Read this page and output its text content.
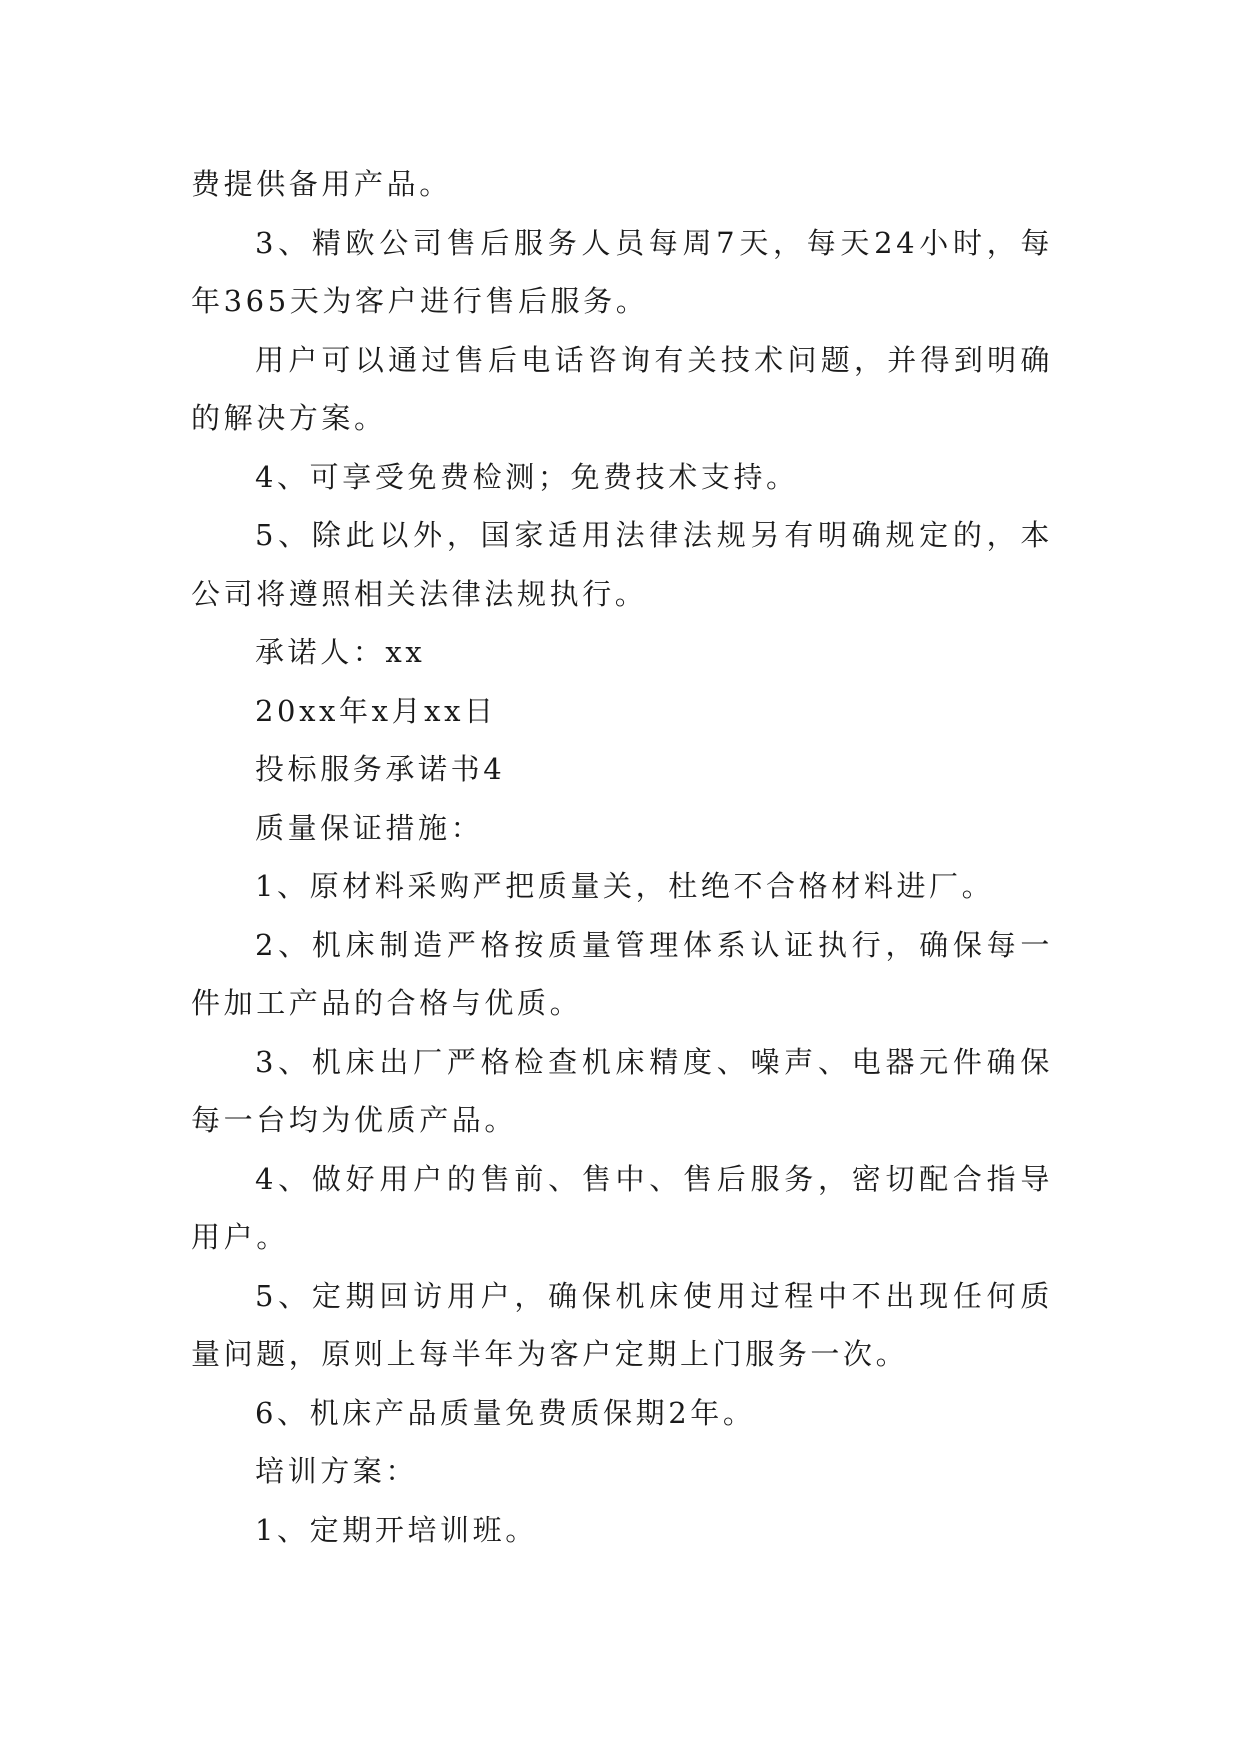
费提供备用产品。

3、精欧公司售后服务人员每周7天，每天24小时，每年365天为客户进行售后服务。

用户可以通过售后电话咨询有关技术问题，并得到明确的解决方案。

4、可享受免费检测；免费技术支持。

5、除此以外，国家适用法律法规另有明确规定的，本公司将遵照相关法律法规执行。

承诺人：xx

20xx年x月xx日

投标服务承诺书4

质量保证措施：

1、原材料采购严把质量关，杜绝不合格材料进厂。

2、机床制造严格按质量管理体系认证执行，确保每一件加工产品的合格与优质。

3、机床出厂严格检查机床精度、噪声、电器元件确保每一台均为优质产品。

4、做好用户的售前、售中、售后服务，密切配合指导用户。

5、定期回访用户，确保机床使用过程中不出现任何质量问题，原则上每半年为客户定期上门服务一次。

6、机床产品质量免费质保期2年。

培训方案：

1、定期开培训班。
